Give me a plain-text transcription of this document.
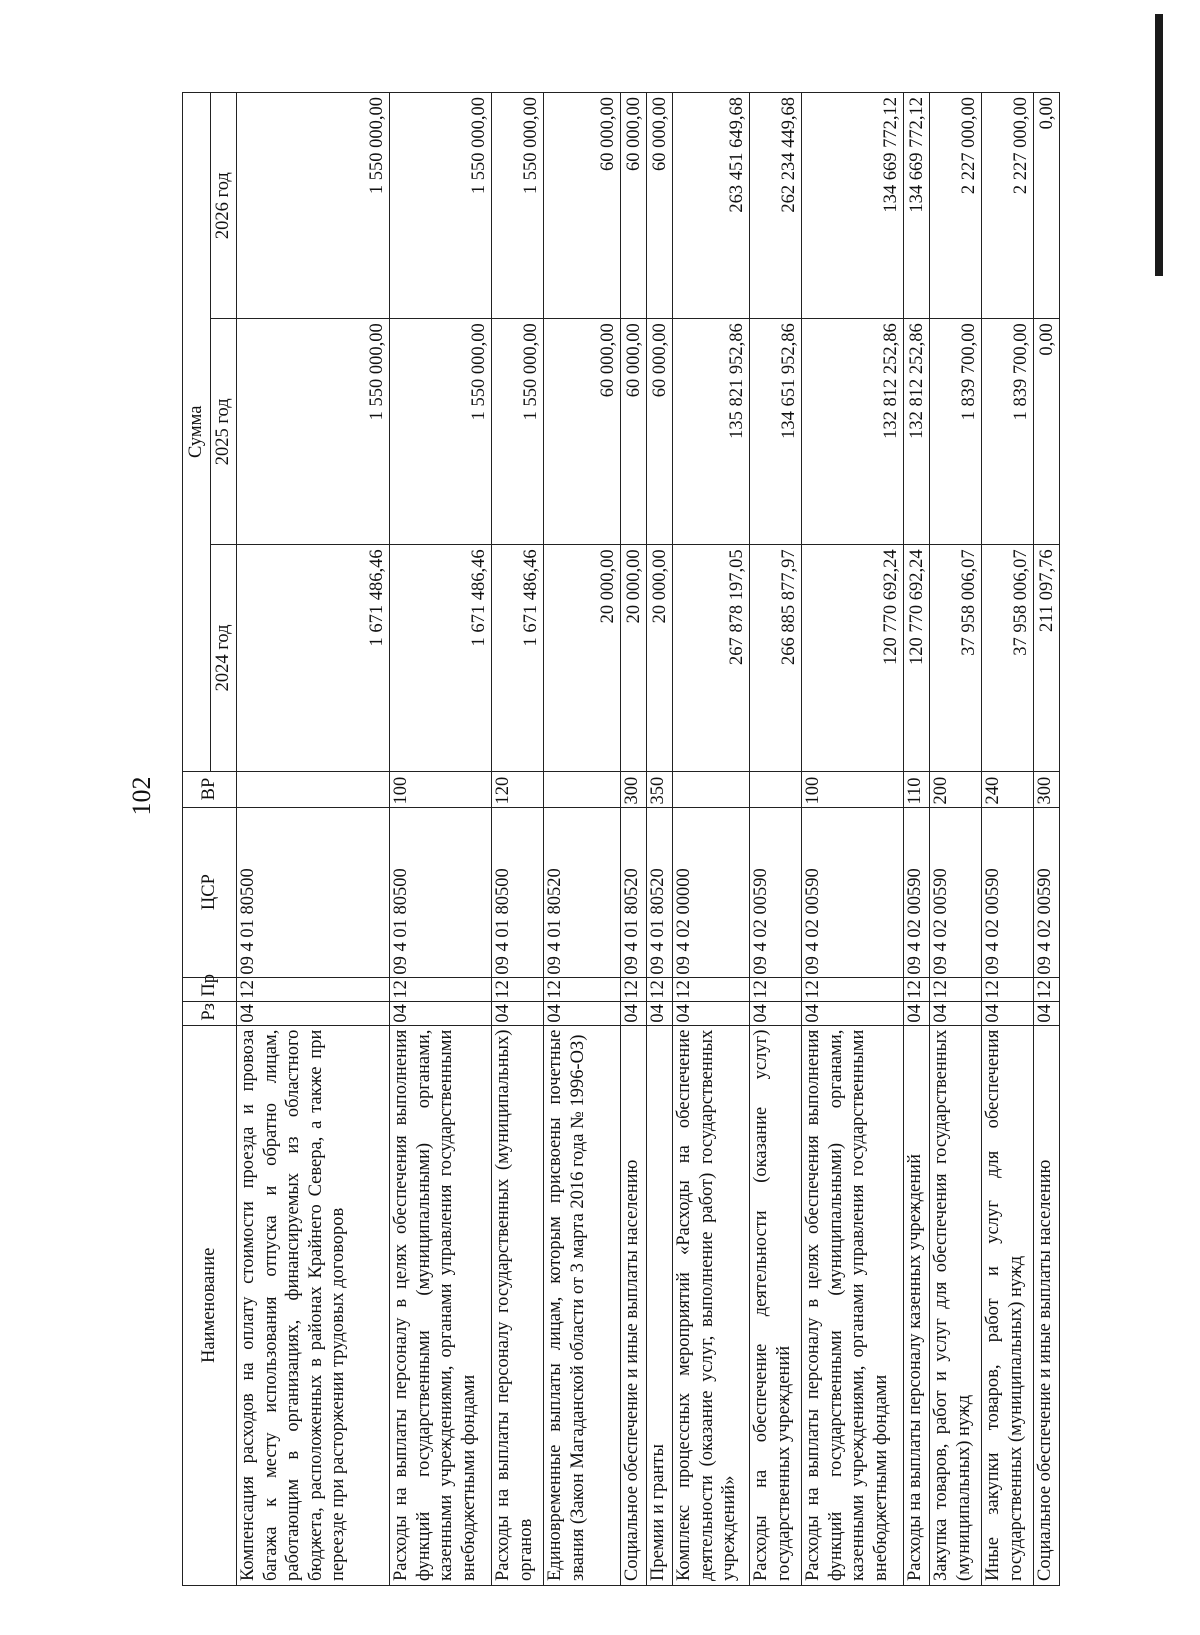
102
Наименование	Рз	Пр	ЦСР	ВР	Сумма		
					2024 год	2025 год	2026 год
Компенсация расходов на оплату стоимости проезда и провоза багажа к месту использования отпуска и обратно лицам, работающим в организациях, финансируемых из областного бюджета, расположенных в районах Крайнего Севера, а также при переезде при расторжении трудовых договоров	04	12	09 4 01 80500		1 671 486,46	1 550 000,00	1 550 000,00
Расходы на выплаты персоналу в целях обеспечения выполнения функций государственными (муниципальными) органами, казенными учреждениями, органами управления государственными внебюджетными фондами	04	12	09 4 01 80500	100	1 671 486,46	1 550 000,00	1 550 000,00
Расходы на выплаты персоналу государственных (муниципальных) органов	04	12	09 4 01 80500	120	1 671 486,46	1 550 000,00	1 550 000,00
Единовременные выплаты лицам, которым присвоены почетные звания (Закон Магаданской области от 3 марта 2016 года № 1996-ОЗ)	04	12	09 4 01 80520		20 000,00	60 000,00	60 000,00
Социальное обеспечение и иные выплаты населению	04	12	09 4 01 80520	300	20 000,00	60 000,00	60 000,00
Премии и гранты	04	12	09 4 01 80520	350	20 000,00	60 000,00	60 000,00
Комплекс процессных мероприятий «Расходы на обеспечение деятельности (оказание услуг, выполнение работ) государственных учреждений»	04	12	09 4 02 00000		267 878 197,05	135 821 952,86	263 451 649,68
Расходы на обеспечение деятельности (оказание услуг) государственных учреждений	04	12	09 4 02 00590		266 885 877,97	134 651 952,86	262 234 449,68
Расходы на выплаты персоналу в целях обеспечения выполнения функций государственными (муниципальными) органами, казенными учреждениями, органами управления государственными внебюджетными фондами	04	12	09 4 02 00590	100	120 770 692,24	132 812 252,86	134 669 772,12
Расходы на выплаты персоналу казенных учреждений	04	12	09 4 02 00590	110	120 770 692,24	132 812 252,86	134 669 772,12
Закупка товаров, работ и услуг для обеспечения государственных (муниципальных) нужд	04	12	09 4 02 00590	200	37 958 006,07	1 839 700,00	2 227 000,00
Иные закупки товаров, работ и услуг для обеспечения государственных (муниципальных) нужд	04	12	09 4 02 00590	240	37 958 006,07	1 839 700,00	2 227 000,00
Социальное обеспечение и иные выплаты населению	04	12	09 4 02 00590	300	211 097,76	0,00	0,00
